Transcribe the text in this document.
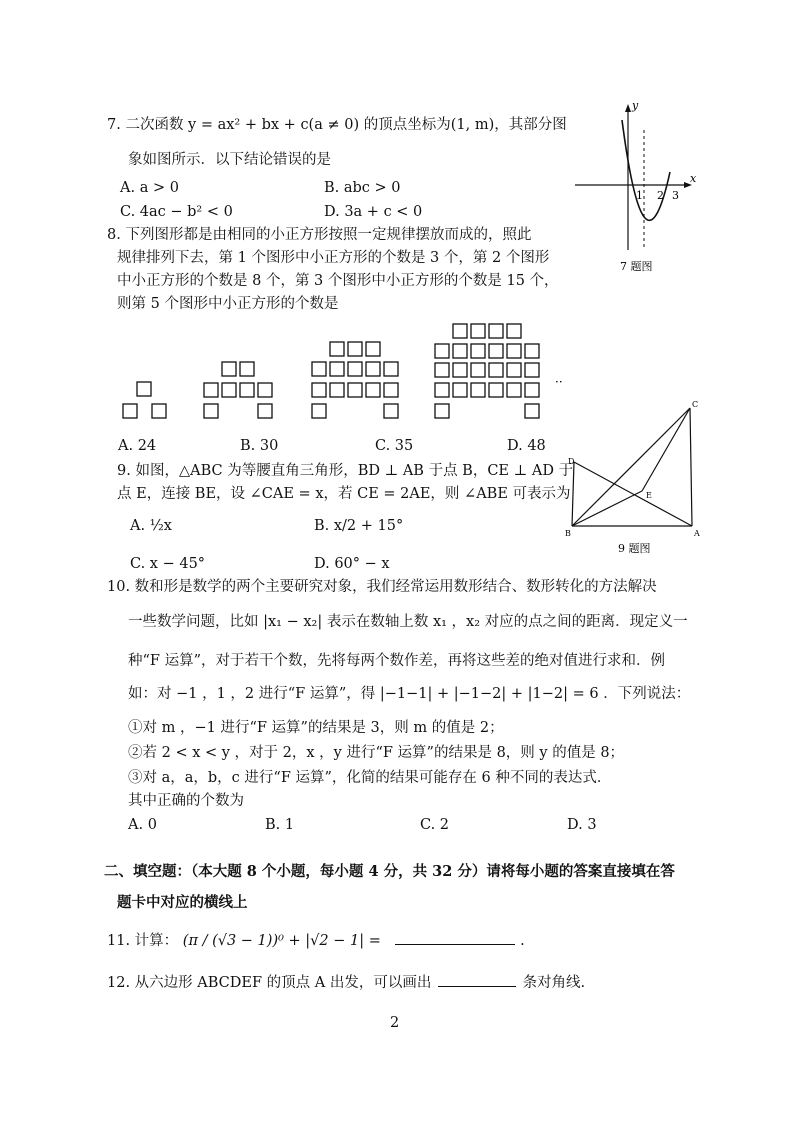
7. 二次函数 y = ax² + bx + c(a ≠ 0) 的顶点坐标为(1, m)，其部分图
象如图所示．以下结论错误的是
A. a > 0	B. abc > 0
C. 4ac − b² < 0	D. 3a + c < 0
y
x
1 2 3
7 题图
8. 下列图形都是由相同的小正方形按照一定规律摆放而成的，照此
规律排列下去，第 1 个图形中小正方形的个数是 3 个，第 2 个图形
中小正方形的个数是 8 个，第 3 个图形中小正方形的个数是 15 个，
则第 5 个图形中小正方形的个数是
··
A. 24	B. 30	C. 35	D. 48
9. 如图，△ABC 为等腰直角三角形，BD ⊥ AB 于点 B，CE ⊥ AD 于
点 E，连接 BE，设 ∠CAE = x，若 CE = 2AE，则 ∠ABE 可表示为
A. ½x	B. x/2 + 15°
C. x − 45°	D. 60° − x
C
D
E
B	A
9 题图
10. 数和形是数学的两个主要研究对象，我们经常运用数形结合、数形转化的方法解决
一些数学问题，比如 |x₁ − x₂| 表示在数轴上数 x₁ ，x₂ 对应的点之间的距离．现定义一
种“F 运算”，对于若干个数，先将每两个数作差，再将这些差的绝对值进行求和．例
如：对 −1 ，1 ，2 进行“F 运算”，得 |−1−1| + |−1−2| + |1−2| = 6 ．下列说法：
①对 m ，−1 进行“F 运算”的结果是 3，则 m 的值是 2；
②若 2 < x < y ，对于 2，x ，y 进行“F 运算”的结果是 8，则 y 的值是 8；
③对 a，a，b，c 进行“F 运算”，化简的结果可能存在 6 种不同的表达式．
其中正确的个数为
A. 0	B. 1	C. 2	D. 3
二、填空题：（本大题 8 个小题，每小题 4 分，共 32 分）请将每小题的答案直接填在答
题卡中对应的横线上
11. 计算： (π / (√3 − 1))⁰ + |√2 − 1| =	.
12. 从六边形 ABCDEF 的顶点 A 出发，可以画出	条对角线.
2
